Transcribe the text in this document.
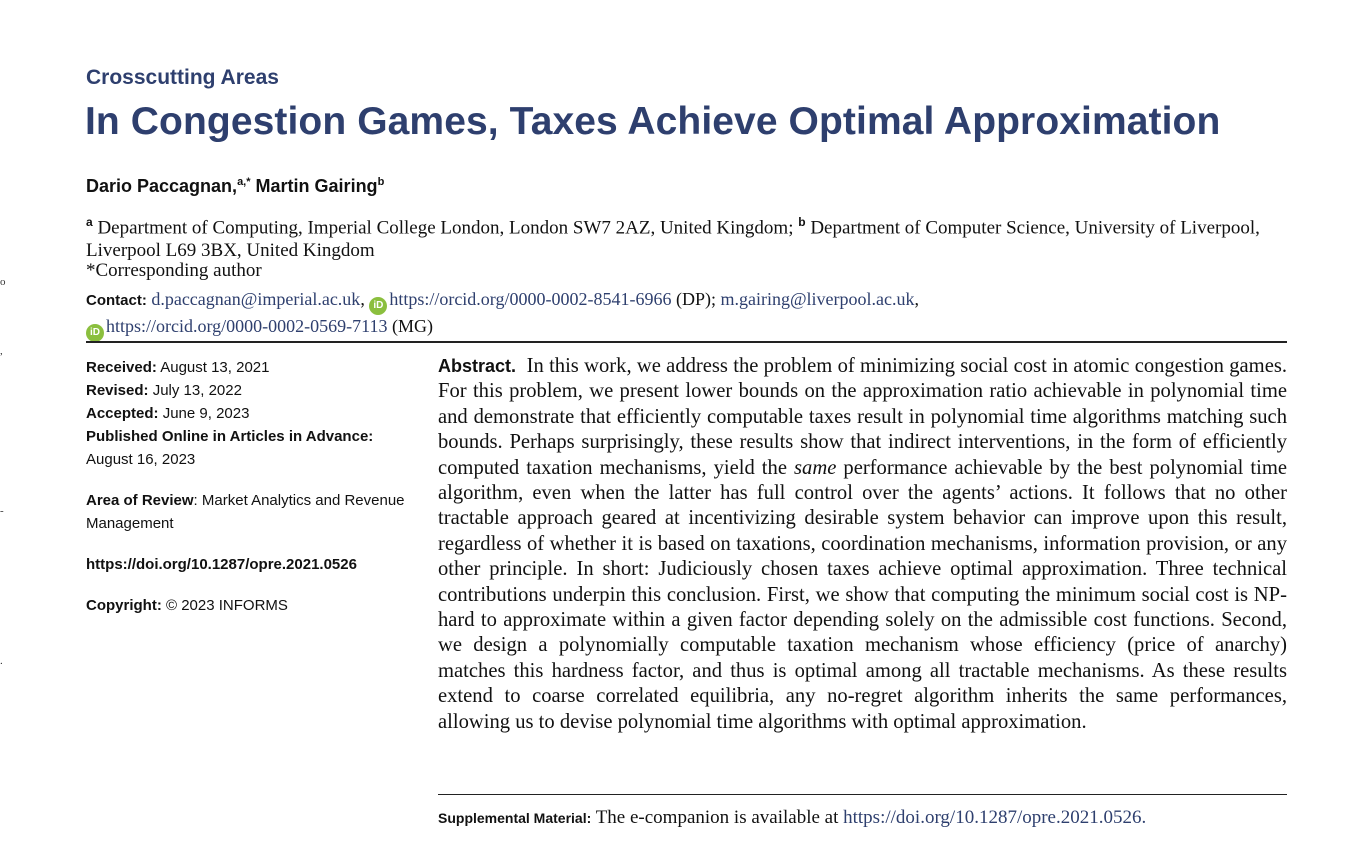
o
,
-
.
Crosscutting Areas
In Congestion Games, Taxes Achieve Optimal Approximation
Dario Paccagnan,$^{a,*}$ Martin Gairing$^b$
$^a$ Department of Computing, Imperial College London, London SW7 2AZ, United Kingdom; $^b$ Department of Computer Science, University of Liverpool, Liverpool L69 3BX, United Kingdom
*Corresponding author
Contact: d.paccagnan@imperial.ac.uk, iD https://orcid.org/0000-0002-8541-6966 (DP); m.gairing@liverpool.ac.uk,
iD https://orcid.org/0000-0002-0569-7113 (MG)
Received: August 13, 2021
Revised: July 13, 2022
Accepted: June 9, 2023
Published Online in Articles in Advance:
August 16, 2023
Area of Review: Market Analytics and Revenue Management
https://doi.org/10.1287/opre.2021.0526
Copyright: © 2023 INFORMS

Abstract. In this work, we address the problem of minimizing social cost in atomic congestion games. For this problem, we present lower bounds on the approximation ratio achievable in polynomial time and demonstrate that efficiently computable taxes result in polynomial time algorithms matching such bounds. Perhaps surprisingly, these results show that indirect interventions, in the form of efficiently computed taxation mechanisms, yield the same performance achievable by the best polynomial time algorithm, even when the latter has full control over the agents’ actions. It follows that no other tractable approach geared at incentivizing desirable system behavior can improve upon this result, regardless of whether it is based on taxations, coordination mechanisms, information provision, or any other principle. In short: Judiciously chosen taxes achieve optimal approximation. Three technical contributions underpin this conclusion. First, we show that computing the minimum social cost is NP-hard to approximate within a given factor depending solely on the admissible cost functions. Second, we design a polynomially computable taxation mechanism whose efficiency (price of anarchy) matches this hardness factor, and thus is optimal among all tractable mechanisms. As these results extend to coarse correlated equilibria, any no-regret algorithm inherits the same performances, allowing us to devise polynomial time algorithms with optimal approximation.

Supplemental Material: The e-companion is available at https://doi.org/10.1287/opre.2021.0526.
